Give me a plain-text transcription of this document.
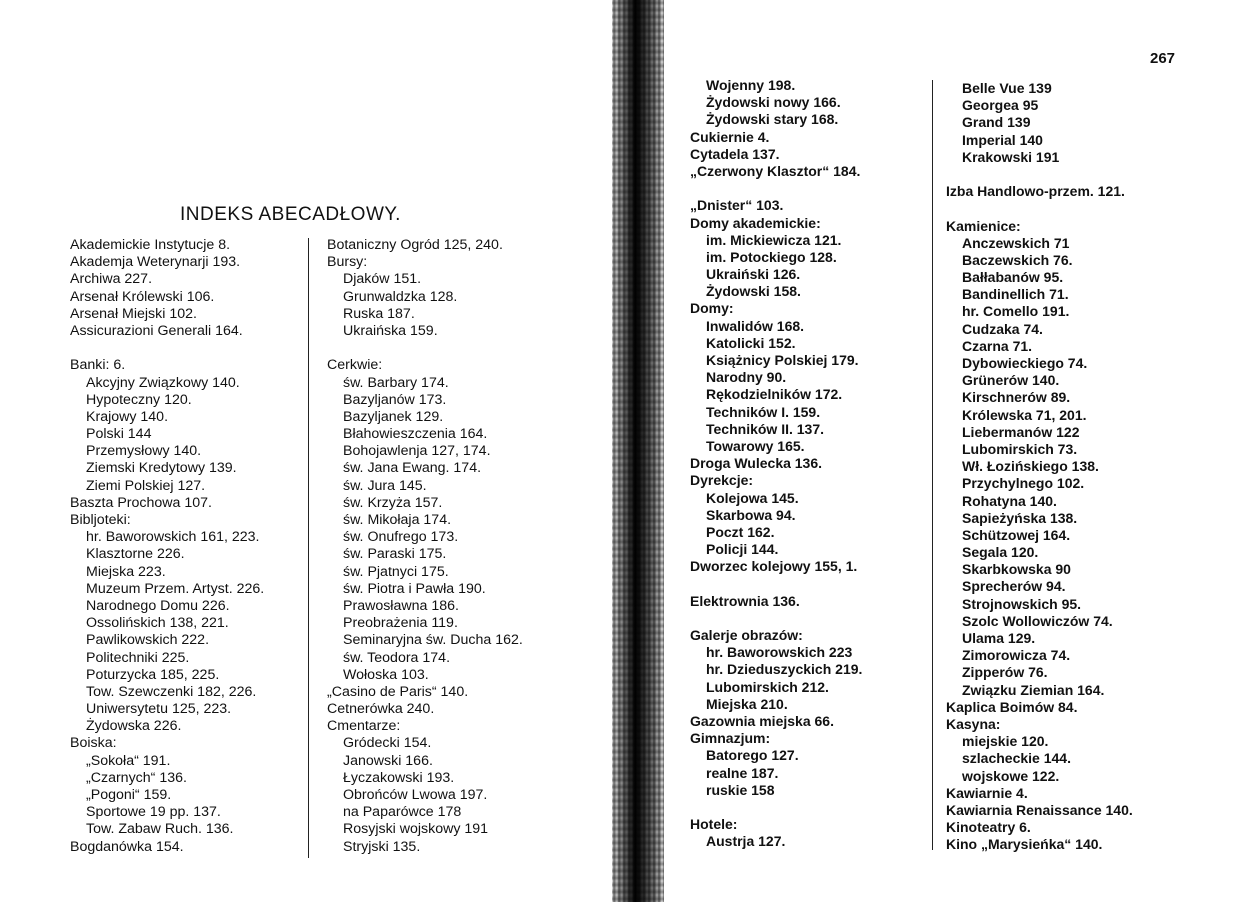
INDEKS ABECADŁOWY.
267
Akademickie Instytucje 8.
Akademja Weterynarji 193.
Archiwa 227.
Arsenał Królewski 106.
Arsenał Miejski 102.
Assicurazioni Generali 164.
Banki: 6.
Akcyjny Związkowy 140.
Hypoteczny 120.
Krajowy 140.
Polski 144
Przemysłowy 140.
Ziemski Kredytowy 139.
Ziemi Polskiej 127.
Baszta Prochowa 107.
Bibljoteki:
hr. Baworowskich 161, 223.
Klasztorne 226.
Miejska 223.
Muzeum Przem. Artyst. 226.
Narodnego Domu 226.
Ossolińskich 138, 221.
Pawlikowskich 222.
Politechniki 225.
Poturzycka 185, 225.
Tow. Szewczenki 182, 226.
Uniwersytetu 125, 223.
Żydowska 226.
Boiska:
„Sokoła“ 191.
„Czarnych“ 136.
„Pogoni“ 159.
Sportowe 19 pp. 137.
Tow. Zabaw Ruch. 136.
Bogdanówka 154.
Botaniczny Ogród 125, 240.
Bursy:
Djaków 151.
Grunwaldzka 128.
Ruska 187.
Ukraińska 159.
Cerkwie:
św. Barbary 174.
Bazyljanów 173.
Bazyljanek 129.
Błahowieszczenia 164.
Bohojawlenja 127, 174.
św. Jana Ewang. 174.
św. Jura 145.
św. Krzyża 157.
św. Mikołaja 174.
św. Onufrego 173.
św. Paraski 175.
św. Pjatnyci 175.
św. Piotra i Pawła 190.
Prawosławna 186.
Preobrażenia 119.
Seminaryjna św. Ducha 162.
św. Teodora 174.
Wołoska 103.
„Casino de Paris“ 140.
Cetnerówka 240.
Cmentarze:
Gródecki 154.
Janowski 166.
Łyczakowski 193.
Obrońców Lwowa 197.
na Paparówce 178
Rosyjski wojskowy 191
Stryjski 135.
Wojenny 198.
Żydowski nowy 166.
Żydowski stary 168.
Cukiernie 4.
Cytadela 137.
„Czerwony Klasztor“ 184.
„Dnister“ 103.
Domy akademickie:
im. Mickiewicza 121.
im. Potockiego 128.
Ukraiński 126.
Żydowski 158.
Domy:
Inwalidów 168.
Katolicki 152.
Książnicy Polskiej 179.
Narodny 90.
Rękodzielników 172.
Techników I. 159.
Techników II. 137.
Towarowy 165.
Droga Wulecka 136.
Dyrekcje:
Kolejowa 145.
Skarbowa 94.
Poczt 162.
Policji 144.
Dworzec kolejowy 155, 1.
Elektrownia 136.
Galerje obrazów:
hr. Baworowskich 223
hr. Dzieduszyckich 219.
Lubomirskich 212.
Miejska 210.
Gazownia miejska 66.
Gimnazjum:
Batorego 127.
realne 187.
ruskie 158
Hotele:
Austrja 127.
Belle Vue 139
Georgea 95
Grand 139
Imperial 140
Krakowski 191
Izba Handlowo-przem. 121.
Kamienice:
Anczewskich 71
Baczewskich 76.
Bałłabanów 95.
Bandinellich 71.
hr. Comello 191.
Cudzaka 74.
Czarna 71.
Dybowieckiego 74.
Grünerów 140.
Kirschnerów 89.
Królewska 71, 201.
Liebermanów 122
Lubomirskich 73.
Wł. Łozińskiego 138.
Przychylnego 102.
Rohatyna 140.
Sapieżyńska 138.
Schützowej 164.
Segala 120.
Skarbkowska 90
Sprecherów 94.
Strojnowskich 95.
Szolc Wollowiczów 74.
Ulama 129.
Zimorowicza 74.
Zipperów 76.
Związku Ziemian 164.
Kaplica Boimów 84.
Kasyna:
miejskie 120.
szlacheckie 144.
wojskowe 122.
Kawiarnie 4.
Kawiarnia Renaissance 140.
Kinoteatry 6.
Kino „Marysieńka“ 140.
